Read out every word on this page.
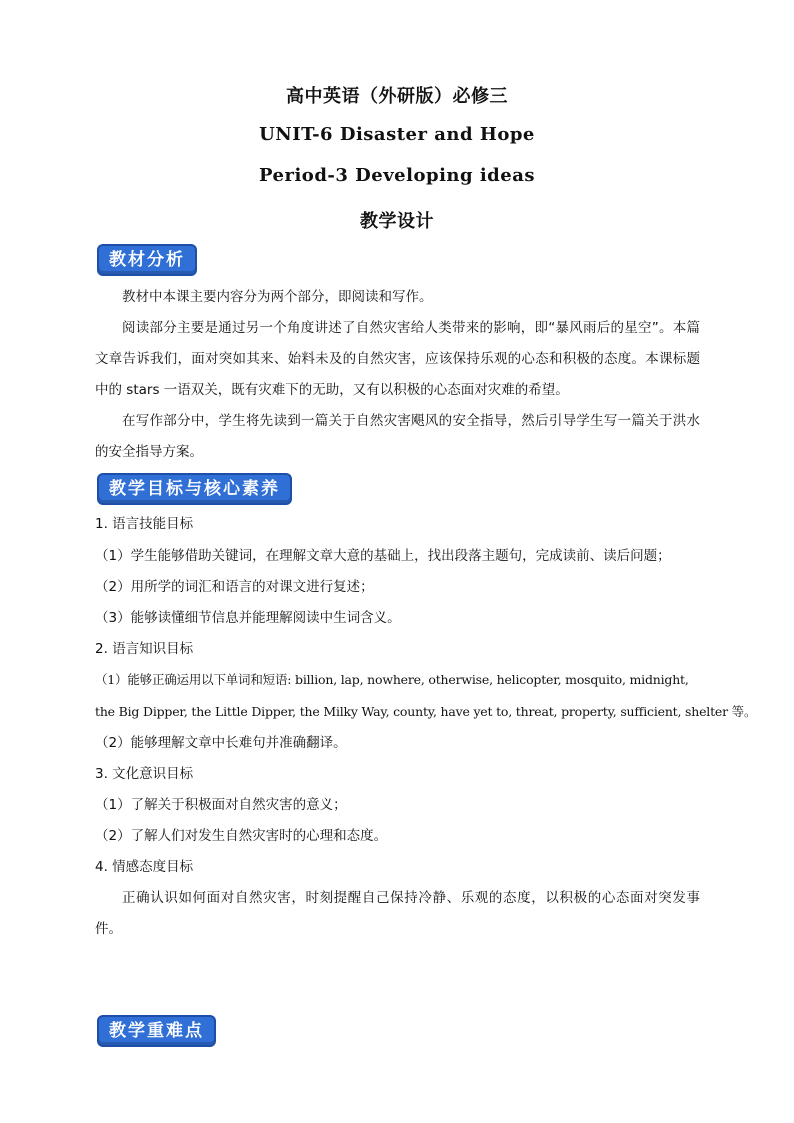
高中英语（外研版）必修三
UNIT-6 Disaster and Hope
Period-3 Developing ideas
教学设计
教材分析
教材中本课主要内容分为两个部分，即阅读和写作。
阅读部分主要是通过另一个角度讲述了自然灾害给人类带来的影响，即“暴风雨后的星空”。本篇文章告诉我们，面对突如其来、始料未及的自然灾害，应该保持乐观的心态和积极的态度。本课标题中的 stars 一语双关，既有灾难下的无助，又有以积极的心态面对灾难的希望。
在写作部分中，学生将先读到一篇关于自然灾害飓风的安全指导，然后引导学生写一篇关于洪水的安全指导方案。
教学目标与核心素养
1. 语言技能目标
（1）学生能够借助关键词，在理解文章大意的基础上，找出段落主题句，完成读前、读后问题；
（2）用所学的词汇和语言的对课文进行复述；
（3）能够读懂细节信息并能理解阅读中生词含义。
2. 语言知识目标
（1）能够正确运用以下单词和短语: billion, lap, nowhere, otherwise, helicopter, mosquito, midnight,
the Big Dipper, the Little Dipper, the Milky Way, county, have yet to, threat, property, sufficient, shelter 等。
（2）能够理解文章中长难句并准确翻译。
3. 文化意识目标
（1）了解关于积极面对自然灾害的意义；
（2）了解人们对发生自然灾害时的心理和态度。
4. 情感态度目标
正确认识如何面对自然灾害，时刻提醒自己保持冷静、乐观的态度，以积极的心态面对突发事件。
教学重难点
